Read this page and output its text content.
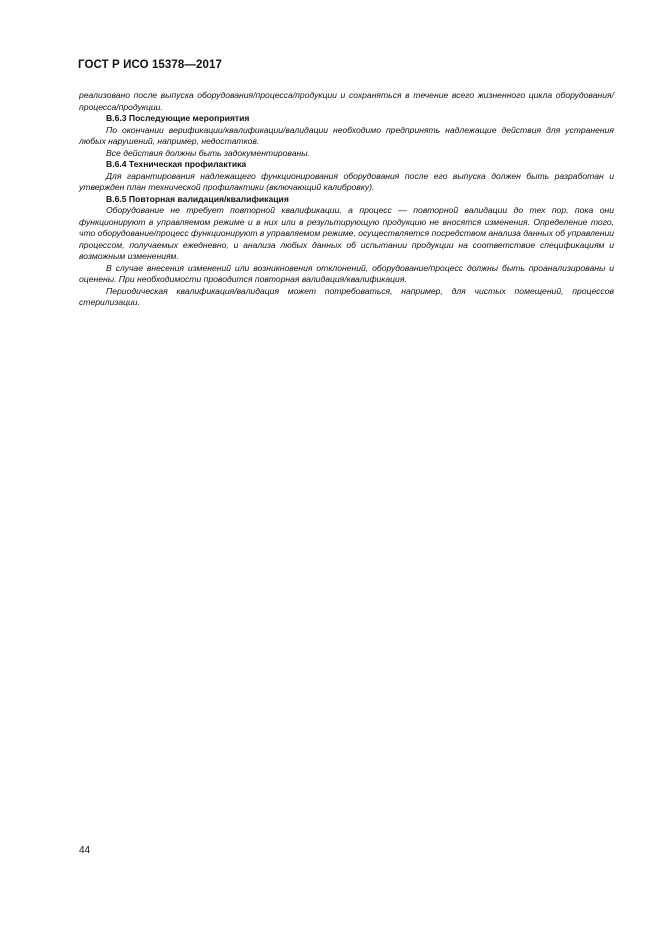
ГОСТ Р ИСО 15378—2017

реализовано после выпуска оборудования/процесса/продукции и сохраняться в течение всего жизненного цикла оборудования/процесса/продукции.

В.6.3 Последующие мероприятия

По окончании верификации/квалификации/валидации необходимо предпринять надлежащие действия для устранения любых нарушений, например, недостатков.

Все действия должны быть задокументированы.

В.6.4 Техническая профилактика

Для гарантирования надлежащего функционирования оборудования после его выпуска должен быть разработан и утвержден план технической профилактики (включающий калибровку).

В.6.5 Повторная валидация/квалификация

Оборудование не требует повторной квалификации, а процесс — повторной валидации до тех пор, пока они функционируют в управляемом режиме и в них или в результирующую продукцию не вносятся изменения. Определение того, что оборудование/процесс функционируют в управляемом режиме, осуществляется посредством анализа данных об управлении процессом, получаемых ежедневно, и анализа любых данных об испытании продукции на соответствие спецификациям и возможным изменениям.

В случае внесения изменений или возникновения отклонений, оборудование/процесс должны быть проанализированы и оценены. При необходимости проводится повторная валидация/квалификация.

Периодическая квалификация/валидация может потребоваться, например, для чистых помещений, процессов стерилизации.

44
